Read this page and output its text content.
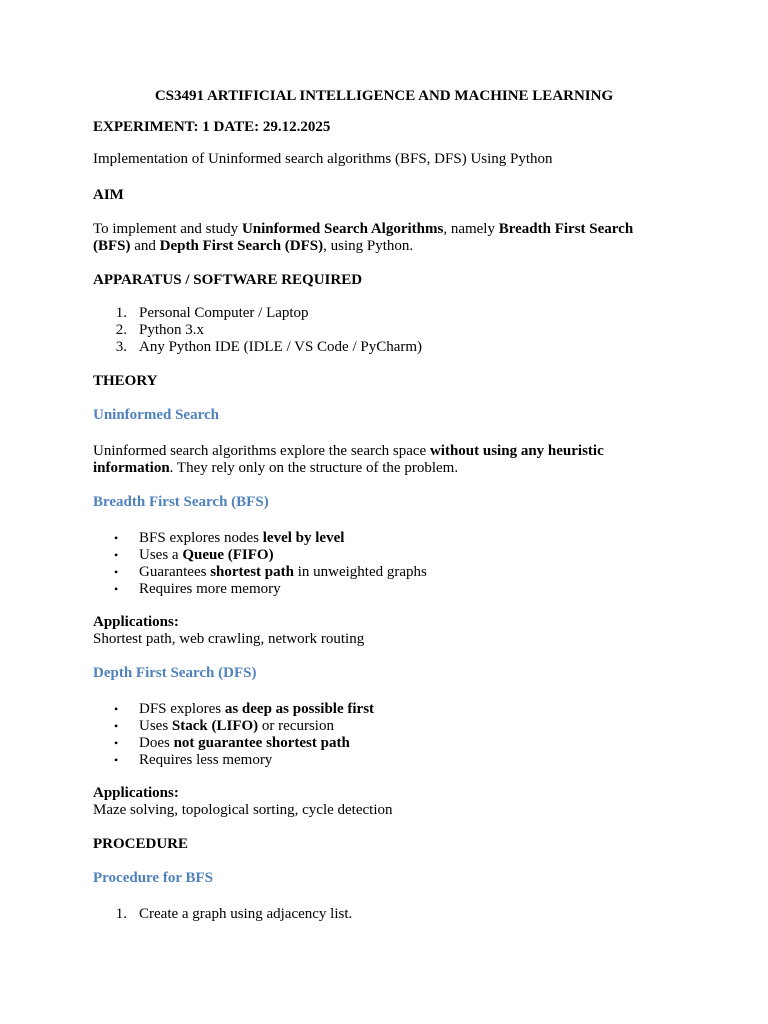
CS3491 ARTIFICIAL INTELLIGENCE AND MACHINE LEARNING

EXPERIMENT: 1 DATE: 29.12.2025

Implementation of Uninformed search algorithms (BFS, DFS) Using Python

AIM

To implement and study Uninformed Search Algorithms, namely Breadth First Search

(BFS) and Depth First Search (DFS), using Python.

APPARATUS / SOFTWARE REQUIRED

1. Personal Computer / Laptop
2. Python 3.x
3. Any Python IDE (IDLE / VS Code / PyCharm)

THEORY

Uninformed Search

Uninformed search algorithms explore the search space without using any heuristic

information. They rely only on the structure of the problem.

Breadth First Search (BFS)

• BFS explores nodes level by level
• Uses a Queue (FIFO)
• Guarantees shortest path in unweighted graphs
• Requires more memory

Applications:

Shortest path, web crawling, network routing

Depth First Search (DFS)

• DFS explores as deep as possible first
• Uses Stack (LIFO) or recursion
• Does not guarantee shortest path
• Requires less memory

Applications:

Maze solving, topological sorting, cycle detection

PROCEDURE

Procedure for BFS

1. Create a graph using adjacency list.
